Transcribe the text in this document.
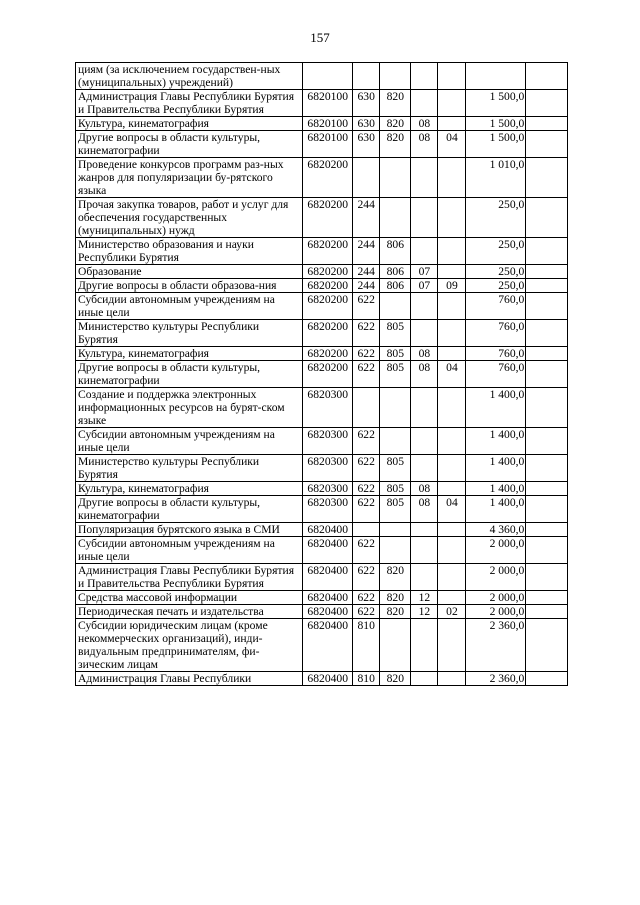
157
циям (за исключением государствен-ных (муниципальных) учреждений)							
Администрация Главы Республики Бурятия и Правительства Республики Бурятия	6820100	630	820			1 500,0	
Культура, кинематография	6820100	630	820	08		1 500,0	
Другие вопросы в области культуры, кинематографии	6820100	630	820	08	04	1 500,0	
Проведение конкурсов программ раз-ных жанров для популяризации бу-рятского языка	6820200					1 010,0	
Прочая закупка товаров, работ и услуг для обеспечения государственных (муниципальных) нужд	6820200	244				250,0	
Министерство образования и науки Республики Бурятия	6820200	244	806			250,0	
Образование	6820200	244	806	07		250,0	
Другие вопросы в области образова-ния	6820200	244	806	07	09	250,0	
Субсидии автономным учреждениям на иные цели	6820200	622				760,0	
Министерство культуры Республики Бурятия	6820200	622	805			760,0	
Культура, кинематография	6820200	622	805	08		760,0	
Другие вопросы в области культуры, кинематографии	6820200	622	805	08	04	760,0	
Создание и поддержка электронных информационных ресурсов на бурят-ском языке	6820300					1 400,0	
Субсидии автономным учреждениям на иные цели	6820300	622				1 400,0	
Министерство культуры Республики Бурятия	6820300	622	805			1 400,0	
Культура, кинематография	6820300	622	805	08		1 400,0	
Другие вопросы в области культуры, кинематографии	6820300	622	805	08	04	1 400,0	
Популяризация бурятского языка в СМИ	6820400					4 360,0	
Субсидии автономным учреждениям на иные цели	6820400	622				2 000,0	
Администрация Главы Республики Бурятия и Правительства Республики Бурятия	6820400	622	820			2 000,0	
Средства массовой информации	6820400	622	820	12		2 000,0	
Периодическая печать и издательства	6820400	622	820	12	02	2 000,0	
Субсидии юридическим лицам (кроме некоммерческих организаций), инди-видуальным предпринимателям, фи-зическим лицам	6820400	810				2 360,0	
Администрация Главы Республики	6820400	810	820			2 360,0	
